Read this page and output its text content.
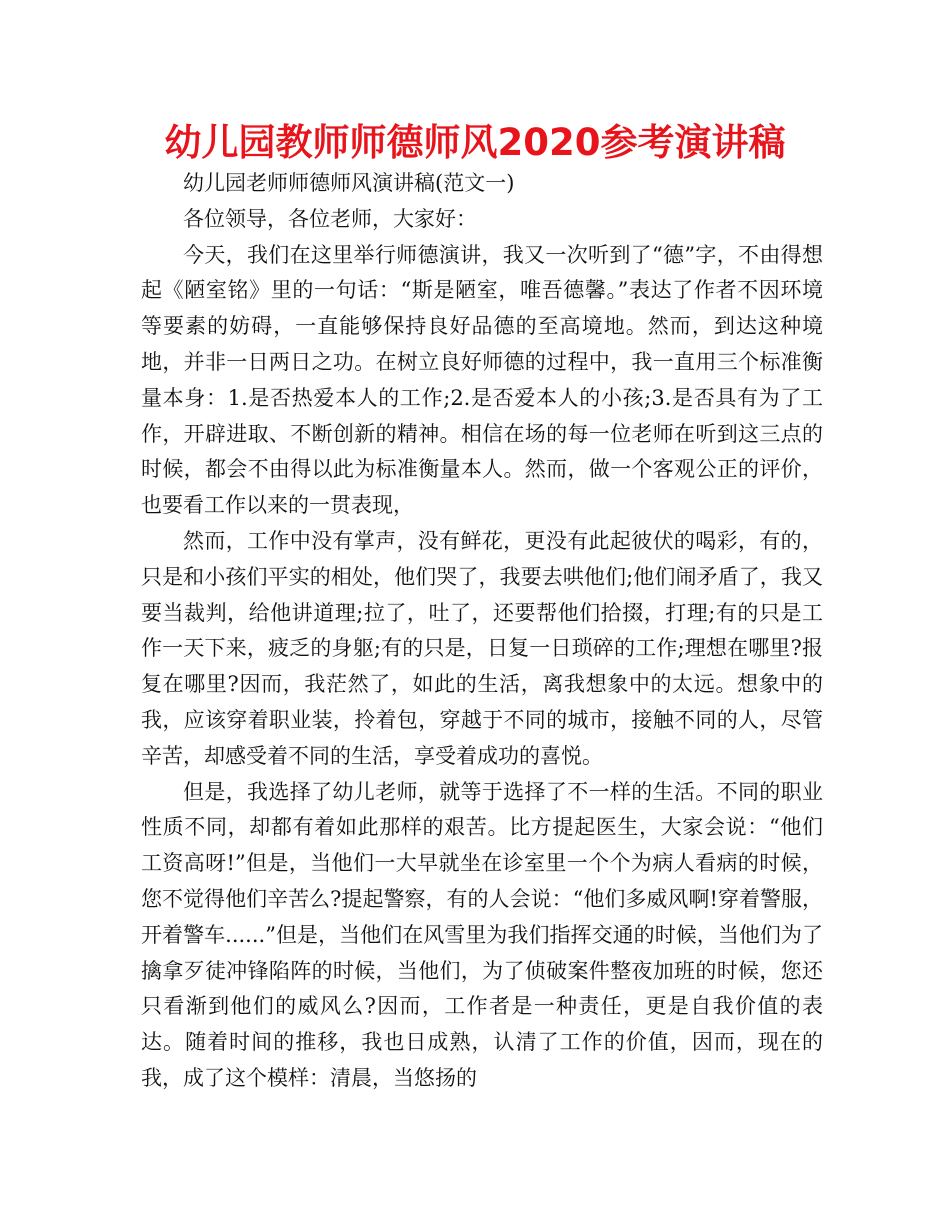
幼儿园教师师德师风2020参考演讲稿

幼儿园老师师德师风演讲稿(范文一)

各位领导，各位老师，大家好：

今天，我们在这里举行师德演讲，我又一次听到了“德”字，不由得想起《陋室铭》里的一句话：“斯是陋室，唯吾德馨。”表达了作者不因环境等要素的妨碍，一直能够保持良好品德的至高境地。然而，到达这种境地，并非一日两日之功。在树立良好师德的过程中，我一直用三个标准衡量本身：1.是否热爱本人的工作;2.是否爱本人的小孩;3.是否具有为了工作，开辟进取、不断创新的精神。相信在场的每一位老师在听到这三点的时候，都会不由得以此为标准衡量本人。然而，做一个客观公正的评价，也要看工作以来的一贯表现，

然而，工作中没有掌声，没有鲜花，更没有此起彼伏的喝彩，有的，只是和小孩们平实的相处，他们哭了，我要去哄他们;他们闹矛盾了，我又要当裁判，给他讲道理;拉了，吐了，还要帮他们拾掇，打理;有的只是工作一天下来，疲乏的身躯;有的只是，日复一日琐碎的工作;理想在哪里?报复在哪里?因而，我茫然了，如此的生活，离我想象中的太远。想象中的我，应该穿着职业装，拎着包，穿越于不同的城市，接触不同的人，尽管辛苦，却感受着不同的生活，享受着成功的喜悦。

但是，我选择了幼儿老师，就等于选择了不一样的生活。不同的职业性质不同，却都有着如此那样的艰苦。比方提起医生，大家会说：“他们工资高呀!”但是，当他们一大早就坐在诊室里一个个为病人看病的时候，您不觉得他们辛苦么?提起警察，有的人会说：“他们多威风啊!穿着警服，开着警车......”但是，当他们在风雪里为我们指挥交通的时候，当他们为了擒拿歹徒冲锋陷阵的时候，当他们，为了侦破案件整夜加班的时候，您还只看渐到他们的威风么?因而，工作者是一种责任，更是自我价值的表达。随着时间的推移，我也日成熟，认清了工作的价值，因而，现在的我，成了这个模样：清晨，当悠扬的
